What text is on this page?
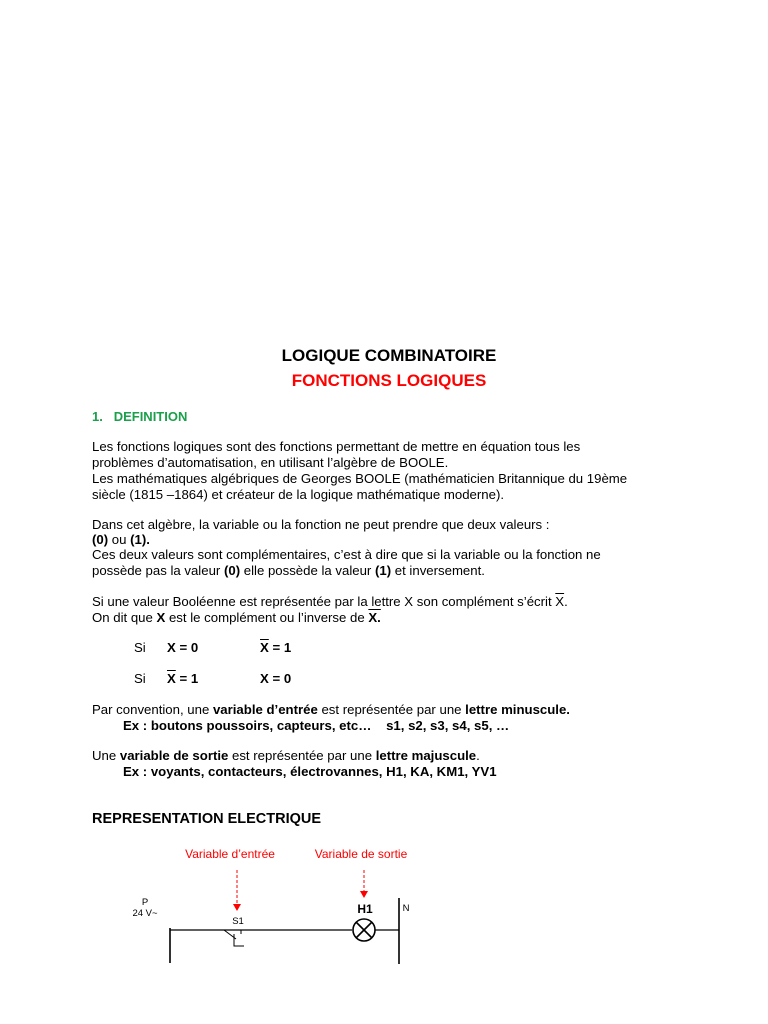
LOGIQUE COMBINATOIRE
FONCTIONS LOGIQUES
1. DEFINITION
Les fonctions logiques sont des fonctions permettant de mettre en équation tous les
problèmes d’automatisation, en utilisant l’algèbre de BOOLE.
Les mathématiques algébriques de Georges BOOLE (mathématicien Britannique du 19ème
siècle (1815 –1864) et créateur de la logique mathématique moderne).
Dans cet algèbre, la variable ou la fonction ne peut prendre que deux valeurs :
(0) ou (1).
Ces deux valeurs sont complémentaires, c’est à dire que si la variable ou la fonction ne
possède pas la valeur (0) elle possède la valeur (1) et inversement.
Si une valeur Booléenne est représentée par la lettre X son complément s’écrit $\overline{X}$.
On dit que X est le complément ou l’inverse de X.
Si X = 0	$\overline{X} = 1$
Si $\overline{X} = 1$	X = 0
Par convention, une variable d’entrée est représentée par une lettre minuscule.
Ex : boutons poussoirs, capteurs, etc…    s1, s2, s3, s4, s5, …
Une variable de sortie est représentée par une lettre majuscule.
Ex : voyants, contacteurs, électrovannes, H1, KA, KM1, YV1
REPRESENTATION ELECTRIQUE
Variable d’entrée	Variable de sortie
P
24 V~
S1
H1	N
